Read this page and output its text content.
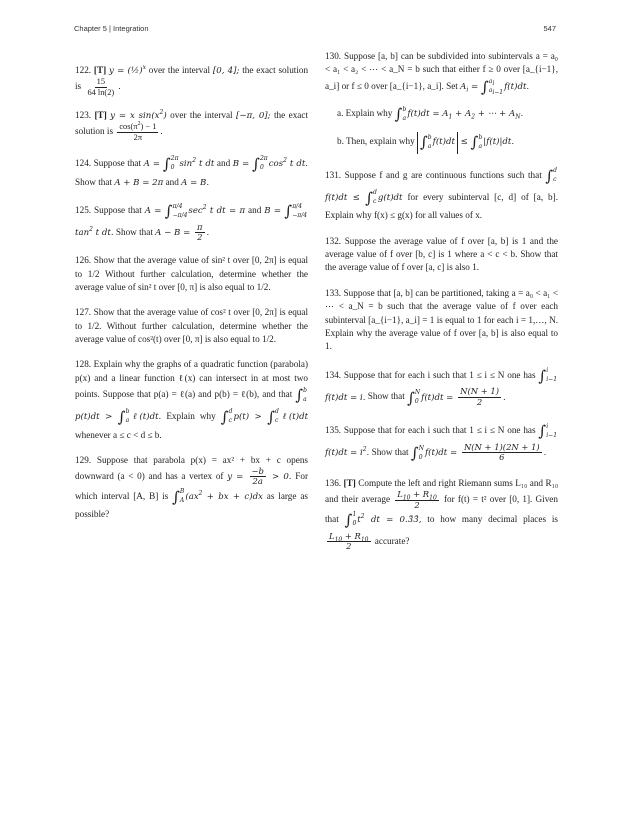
Chapter 5 | Integration	547

122. [T] y = (½)$^x$ over the interval [0, 4]; the exact solution is $\frac{15}{64 \ln(2)}$ .

123. [T] y = x $\sin(x^2)$ over the interval [−π, 0]; the exact solution is $\frac{\cos(\pi^2) - 1}{2\pi}$ .

124. Suppose that A = ∫ 2π
0 $\sin^2 t$ dt and B = ∫ 2π
0 $\cos^2 t$ dt. Show that A + B = 2π and A = B.

125. Suppose that A = ∫ π/4
−π/4 $\sec^2 t$ dt = π and B = ∫ π/4
−π/4
$\tan^2 t$ dt. Show that $A - B = \frac{\pi}{2}$ .

126. Show that the average value of sin² t over [0, 2π] is equal to 1/2 Without further calculation, determine whether the average value of sin² t over [0, π] is also equal to 1/2.

127. Show that the average value of cos² t over [0, 2π] is equal to 1/2. Without further calculation, determine whether the average value of cos²(t) over [0, π] is also equal to 1/2.

128. Explain why the graphs of a quadratic function (parabola) p(x) and a linear function ℓ(x) can intersect in at most two points. Suppose that p(a) = ℓ(a) and p(b) = ℓ(b), and that ∫ b
a
p(t)dt > ∫ b
a ℓ(t)dt. Explain why ∫ d
c p(t) > ∫ d
c ℓ(t)dt whenever a ≤ c < d ≤ b.

129. Suppose that parabola p(x) = ax² + bx + c opens downward (a < 0) and has a vertex of $y = \frac{-b}{2a} > 0$. For which interval [A, B] is ∫ B
A ($ax^2$ + bx + c)dx as large as possible?

130. Suppose [a, b] can be subdivided into subintervals a = a₀ < a₁ < a₂ < ⋯ < a_N = b such that either f ≥ 0 over [a_{i−1}, a_i] or f ≤ 0 over [a_{i−1}, a_i]. Set $A_i$ = ∫ $a_i$
$a_{i-1}$
f(t)dt.

a. Explain why ∫ b
a $f(t)dt = A_1 + A_2$ + ⋯ + $A_N$.
b. Then, explain why ∫ b
a f(t)dt ≤ ∫ b
a |f(t)|dt.

131. Suppose f and g are continuous functions such that ∫ d
c
f(t)dt ≤ ∫ d
c g(t)dt for every subinterval [c, d] of [a, b]. Explain why f(x) ≤ g(x) for all values of x.

132. Suppose the average value of f over [a, b] is 1 and the average value of f over [b, c] is 1 where a < c < b. Show that the average value of f over [a, c] is also 1.

133. Suppose that [a, b] can be partitioned, taking a = a₀ < a₁ < ⋯ < a_N = b such that the average value of f over each subinterval [a_{i−1}, a_i] = 1 is equal to 1 for each i = 1,…, N. Explain why the average value of f over [a, b] is also equal to 1.

134. Suppose that for each i such that 1 ≤ i ≤ N one has ∫ i
i−1
f(t)dt = i. Show that ∫ N
0 $f(t)dt = \frac{N(N + 1)}{2}$ .

135. Suppose that for each i such that 1 ≤ i ≤ N one has ∫ i
i−1
$f(t)dt = i^2$. Show that ∫ N
0 $f(t)dt = \frac{N(N + 1)(2N + 1)}{6}$ .

136. [T] Compute the left and right Riemann sums L₁₀ and R₁₀ and their average $\frac{L_{10} + R_{10}}{2}$ for f(t) = t² over [0, 1]. Given that ∫ 1
0 $t^2$ dt = 0.3̄3̄, to how many decimal places is
$\frac{L_{10} + R_{10}}{2}$ accurate?
